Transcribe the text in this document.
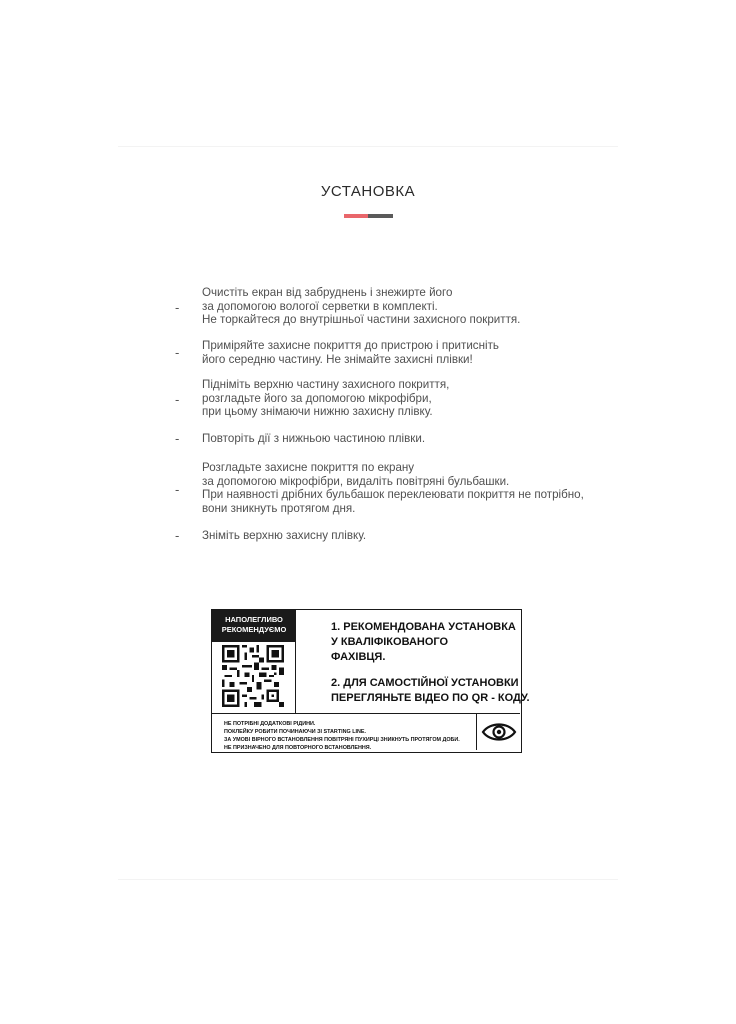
УСТАНОВКА
-
Очистіть екран від забруднень і знежирте його
за допомогою вологої серветки в комплекті.
Не торкайтеся до внутрішньої частини захисного покриття.
- Приміряйте захисне покриття до пристрою і притисніть
його середню частину. Не знімайте захисні плівки!
-
Підніміть верхню частину захисного покриття,
розгладьте його за допомогою мікрофібри,
при цьому знімаючи нижню захисну плівку.
- Повторіть дії з нижньою частиною плівки.
-
Розгладьте захисне покриття по екрану
за допомогою мікрофібри, видаліть повітряні бульбашки.
При наявності дрібних бульбашок переклеювати покриття не потрібно,
вони зникнуть протягом дня.
- Зніміть верхню захисну плівку.
НАПОЛЕГЛИВО
РЕКОМЕНДУЄМО	1. РЕКОМЕНДОВАНА УСТАНОВКА
У КВАЛІФІКОВАНОГО
ФАХІВЦЯ.
2. ДЛЯ САМОСТІЙНОЇ УСТАНОВКИ
ПЕРЕГЛЯНЬТЕ ВІДЕО ПО QR - КОДУ.
НЕ ПОТРІБНІ ДОДАТКОВІ РІДИНИ.
ПОКЛЕЙКУ РОБИТИ ПОЧИНАЮЧИ ЗІ STARTING LINE.
ЗА УМОВІ ВІРНОГО ВСТАНОВЛЕННЯ ПОВІТРЯНІ ПУХИРЦІ ЗНИКНУТЬ ПРОТЯГОМ ДОБИ.
НЕ ПРИЗНАЧЕНО ДЛЯ ПОВТОРНОГО ВСТАНОВЛЕННЯ.
